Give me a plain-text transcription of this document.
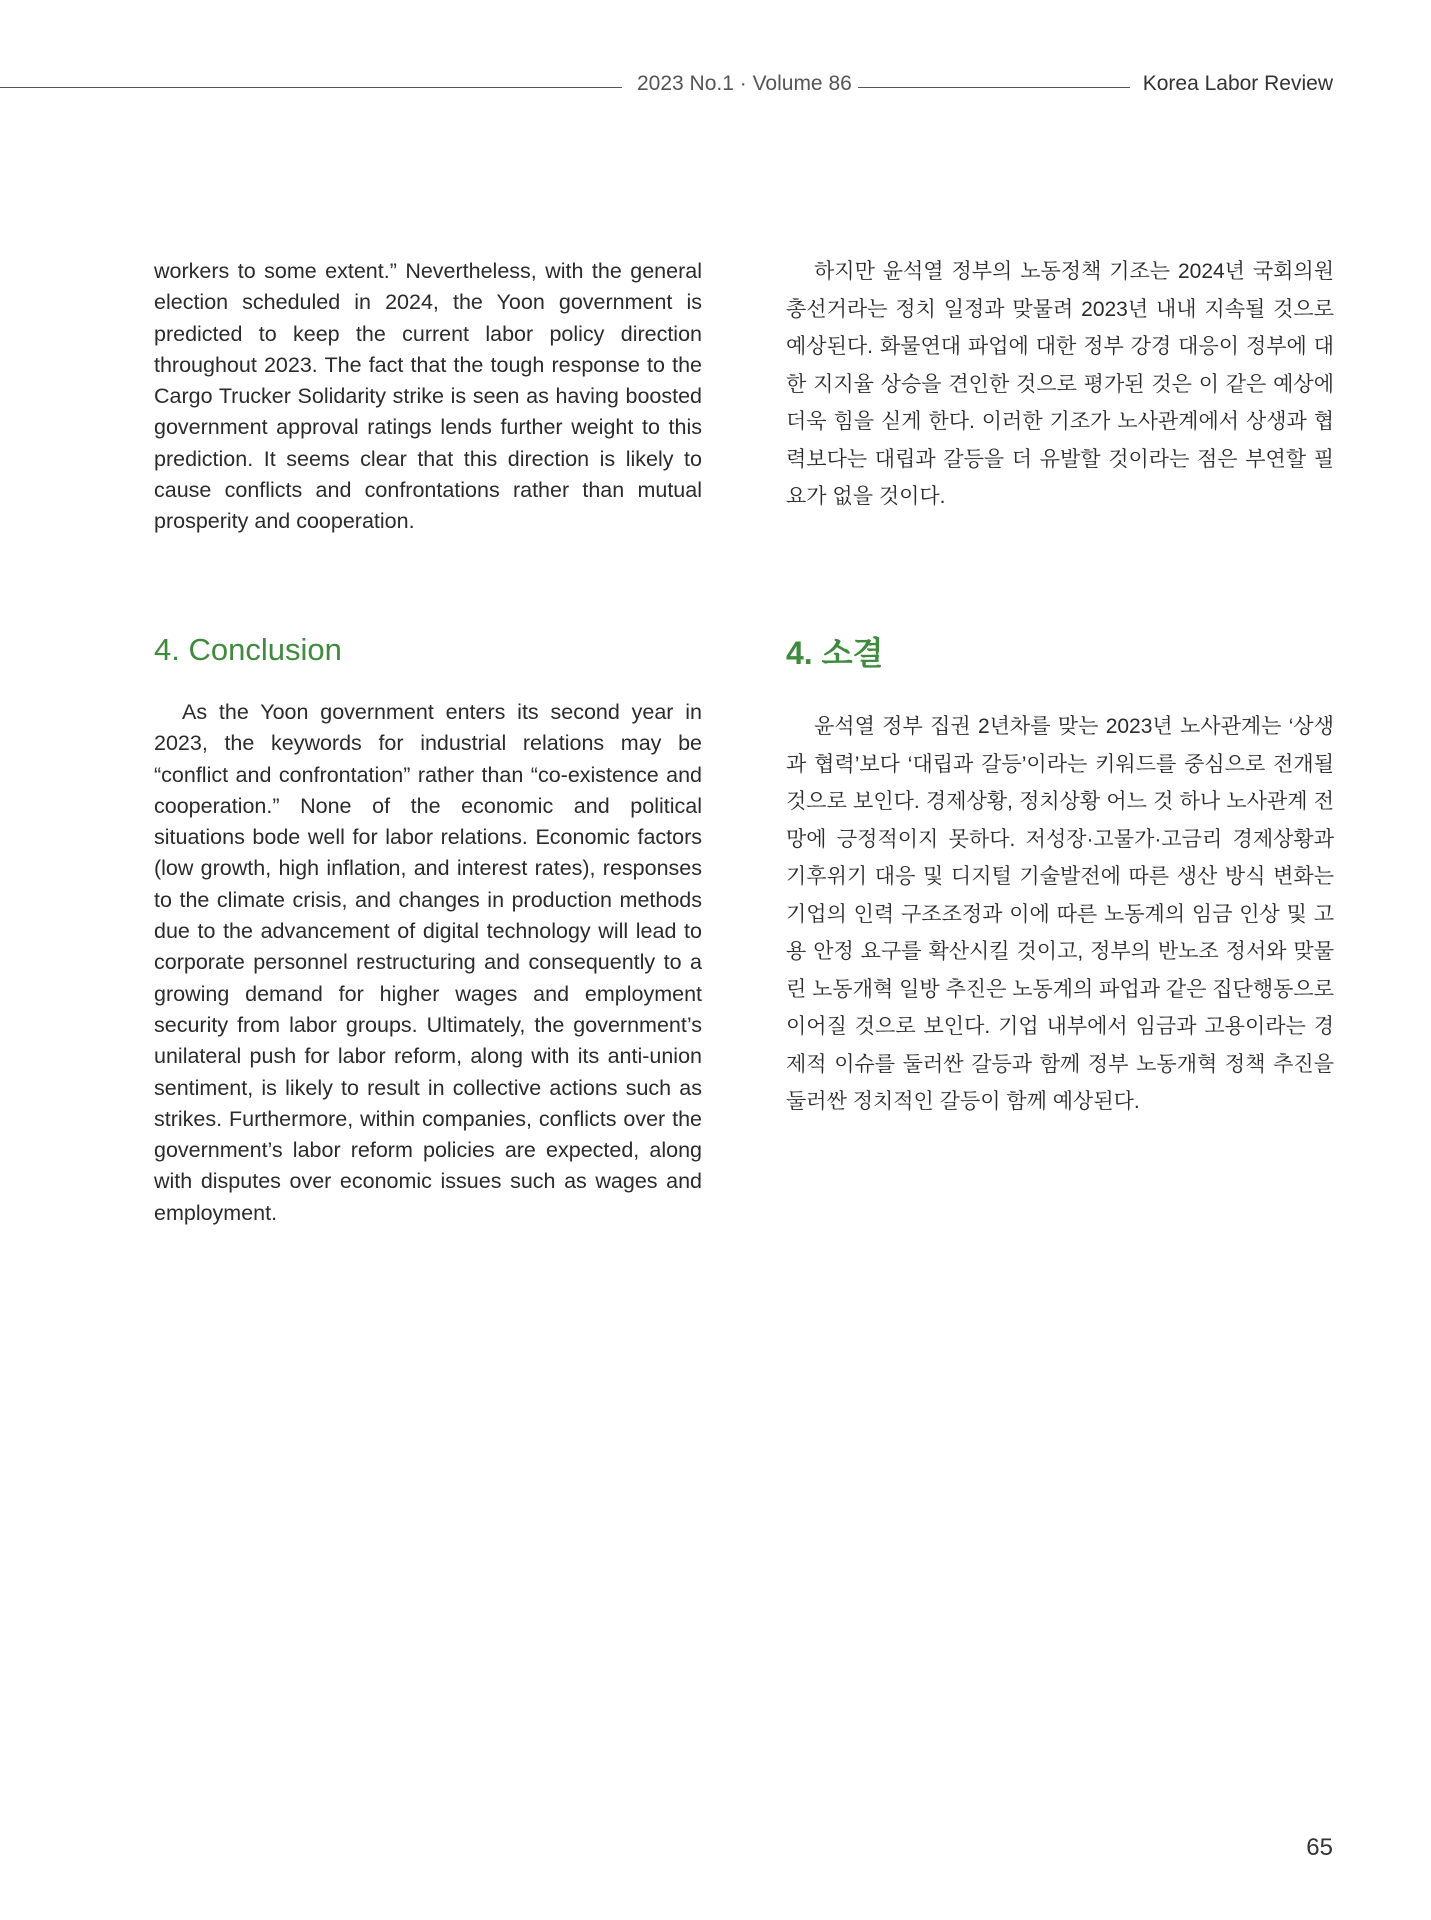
2023 No.1 · Volume 86	Korea Labor Review

workers to some extent.” Nevertheless, with the general election scheduled in 2024, the Yoon government is predicted to keep the current labor policy direction throughout 2023. The fact that the tough response to the Cargo Trucker Solidarity strike is seen as having boosted government approval ratings lends further weight to this prediction. It seems clear that this direction is likely to cause conflicts and confrontations rather than mutual prosperity and cooperation.

하지만 윤석열 정부의 노동정책 기조는 2024년 국회의원 총선거라는 정치 일정과 맞물려 2023년 내내 지속될 것으로 예상된다. 화물연대 파업에 대한 정부 강경 대응이 정부에 대한 지지율 상승을 견인한 것으로 평가된 것은 이 같은 예상에 더욱 힘을 싣게 한다. 이러한 기조가 노사관계에서 상생과 협력보다는 대립과 갈등을 더 유발할 것이라는 점은 부연할 필요가 없을 것이다.

4. Conclusion	4. 소결

As the Yoon government enters its second year in 2023, the keywords for industrial relations may be “conflict and confrontation” rather than “co-existence and cooperation.” None of the economic and political situations bode well for labor relations. Economic factors (low growth, high inflation, and interest rates), responses to the climate crisis, and changes in production methods due to the advancement of digital technology will lead to corporate personnel restructuring and consequently to a growing demand for higher wages and employment security from labor groups. Ultimately, the government’s unilateral push for labor reform, along with its anti-union sentiment, is likely to result in collective actions such as strikes. Furthermore, within companies, conflicts over the government’s labor reform policies are expected, along with disputes over economic issues such as wages and employment.

윤석열 정부 집권 2년차를 맞는 2023년 노사관계는 ‘상생과 협력’보다 ‘대립과 갈등’이라는 키워드를 중심으로 전개될 것으로 보인다. 경제상황, 정치상황 어느 것 하나 노사관계 전망에 긍정적이지 못하다. 저성장·고물가·고금리 경제상황과 기후위기 대응 및 디지털 기술발전에 따른 생산 방식 변화는 기업의 인력 구조조정과 이에 따른 노동계의 임금 인상 및 고용 안정 요구를 확산시킬 것이고, 정부의 반노조 정서와 맞물린 노동개혁 일방 추진은 노동계의 파업과 같은 집단행동으로 이어질 것으로 보인다. 기업 내부에서 임금과 고용이라는 경제적 이슈를 둘러싼 갈등과 함께 정부 노동개혁 정책 추진을 둘러싼 정치적인 갈등이 함께 예상된다.

65
